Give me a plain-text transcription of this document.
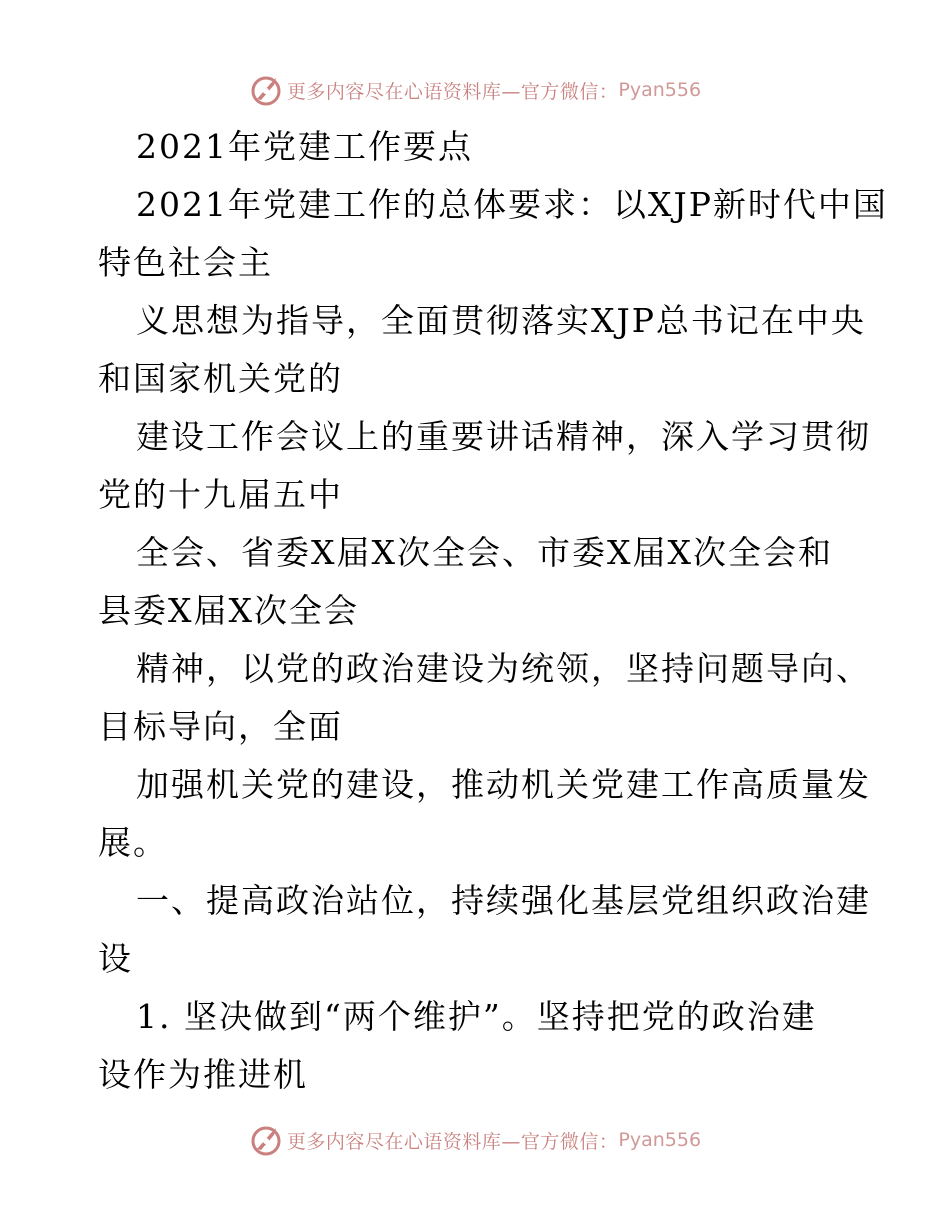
更多内容尽在心语资料库—官方微信： Pyan556
2021年党建工作要点
2021年党建工作的总体要求：以XJP新时代中国
特色社会主
义思想为指导，全面贯彻落实XJP总书记在中央
和国家机关党的
建设工作会议上的重要讲话精神，深入学习贯彻
党的十九届五中
全会、省委X届X次全会、市委X届X次全会和
县委X届X次全会
精神，以党的政治建设为统领，坚持问题导向、
目标导向，全面
加强机关党的建设，推动机关党建工作高质量发
展。
一、提高政治站位，持续强化基层党组织政治建
设
1. 坚决做到“两个维护”。坚持把党的政治建
设作为推进机
更多内容尽在心语资料库—官方微信： Pyan556
